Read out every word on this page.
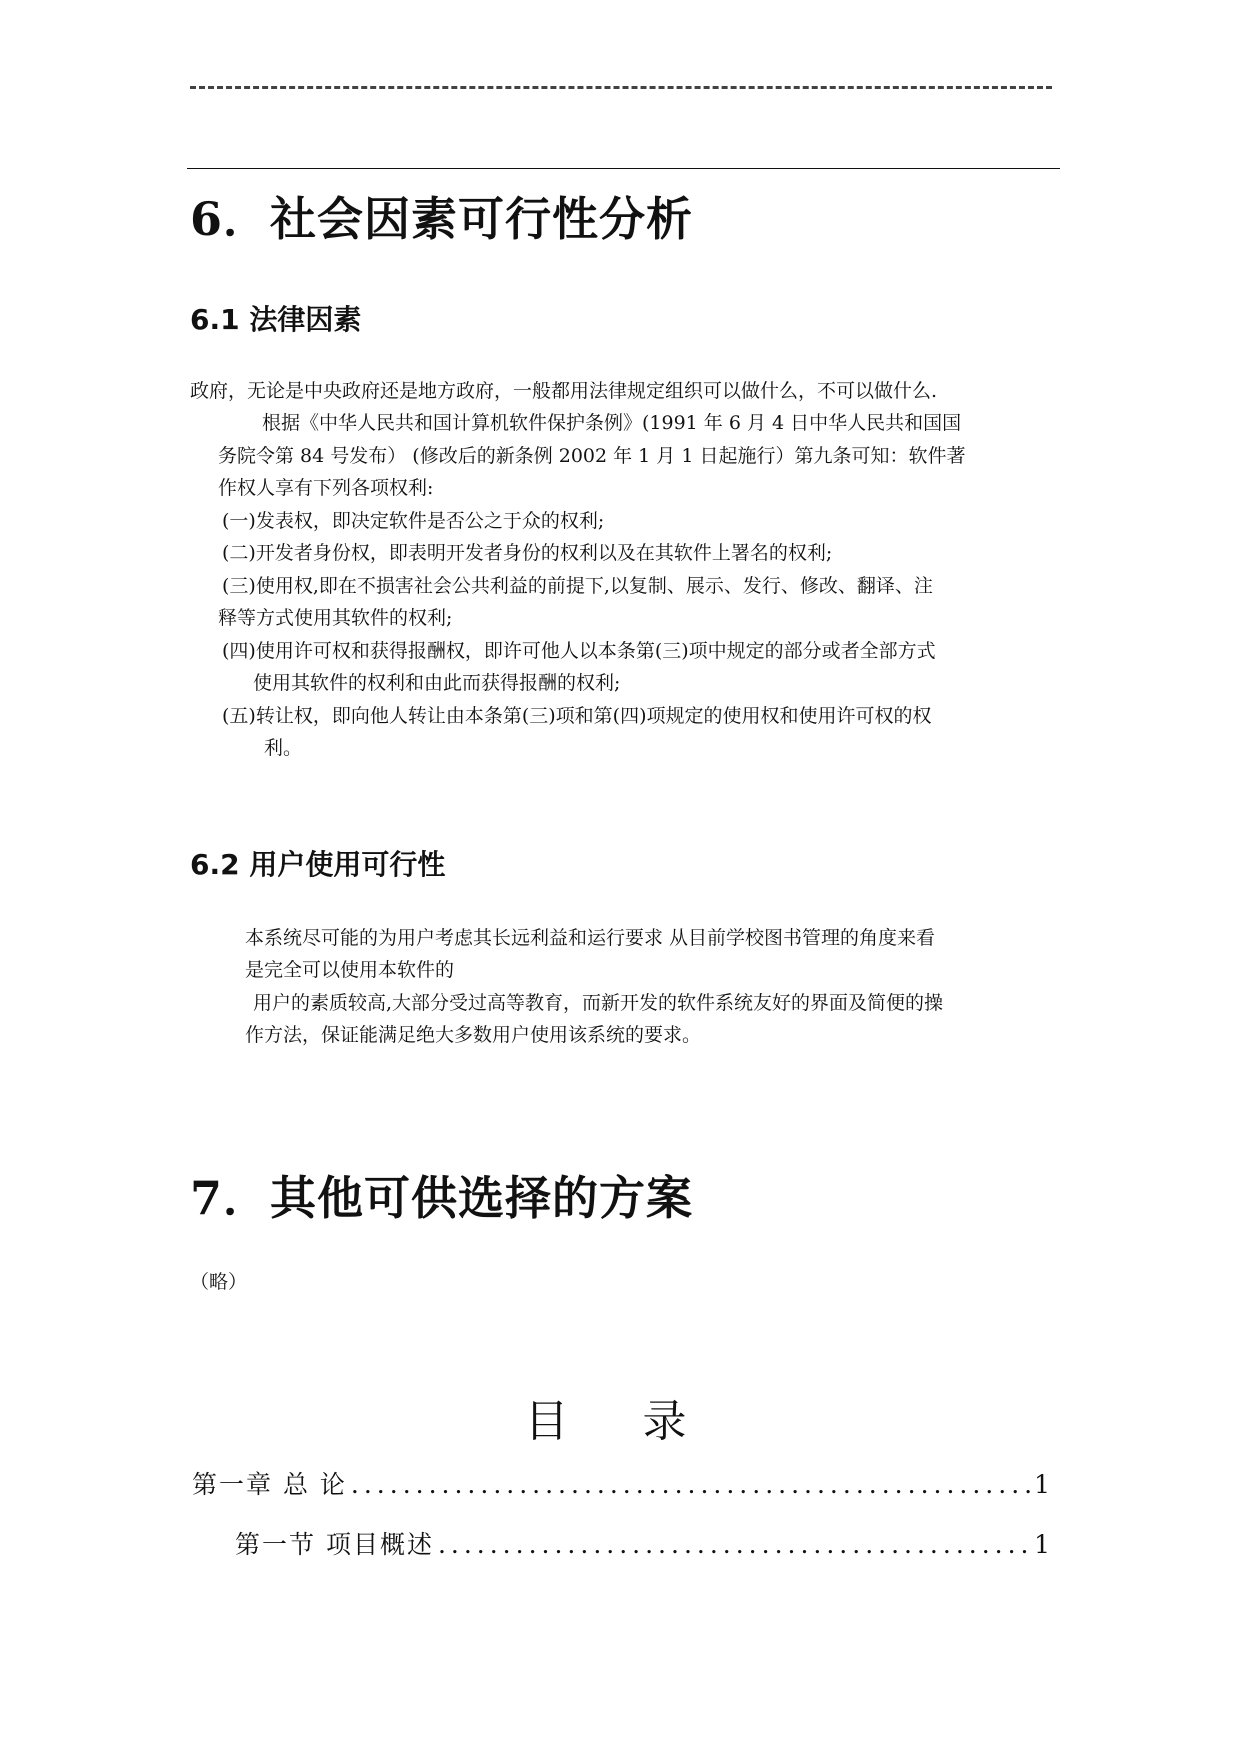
6．社会因素可行性分析
6.1 法律因素
政府，无论是中央政府还是地方政府，一般都用法律规定组织可以做什么，不可以做什么.
根据《中华人民共和国计算机软件保护条例》(1991 年 6 月 4 日中华人民共和国国
务院令第 84 号发布） (修改后的新条例 2002 年 1 月 1 日起施行）第九条可知：软件著
作权人享有下列各项权利:
(一)发表权，即决定软件是否公之于众的权利;
(二)开发者身份权，即表明开发者身份的权利以及在其软件上署名的权利;
(三)使用权,即在不损害社会公共利益的前提下,以复制、展示、发行、修改、翻译、注
释等方式使用其软件的权利;
(四)使用许可权和获得报酬权，即许可他人以本条第(三)项中规定的部分或者全部方式
使用其软件的权利和由此而获得报酬的权利;
(五)转让权，即向他人转让由本条第(三)项和第(四)项规定的使用权和使用许可权的权
利。
6.2 用户使用可行性
本系统尽可能的为用户考虑其长远利益和运行要求 从目前学校图书管理的角度来看
是完全可以使用本软件的
用户的素质较高,大部分受过高等教育，而新开发的软件系统友好的界面及简便的操
作方法，保证能满足绝大多数用户使用该系统的要求。
7．其他可供选择的方案
（略）
目 录
第一章 总 论 .....	1
第一节 项目概述 .....	1
